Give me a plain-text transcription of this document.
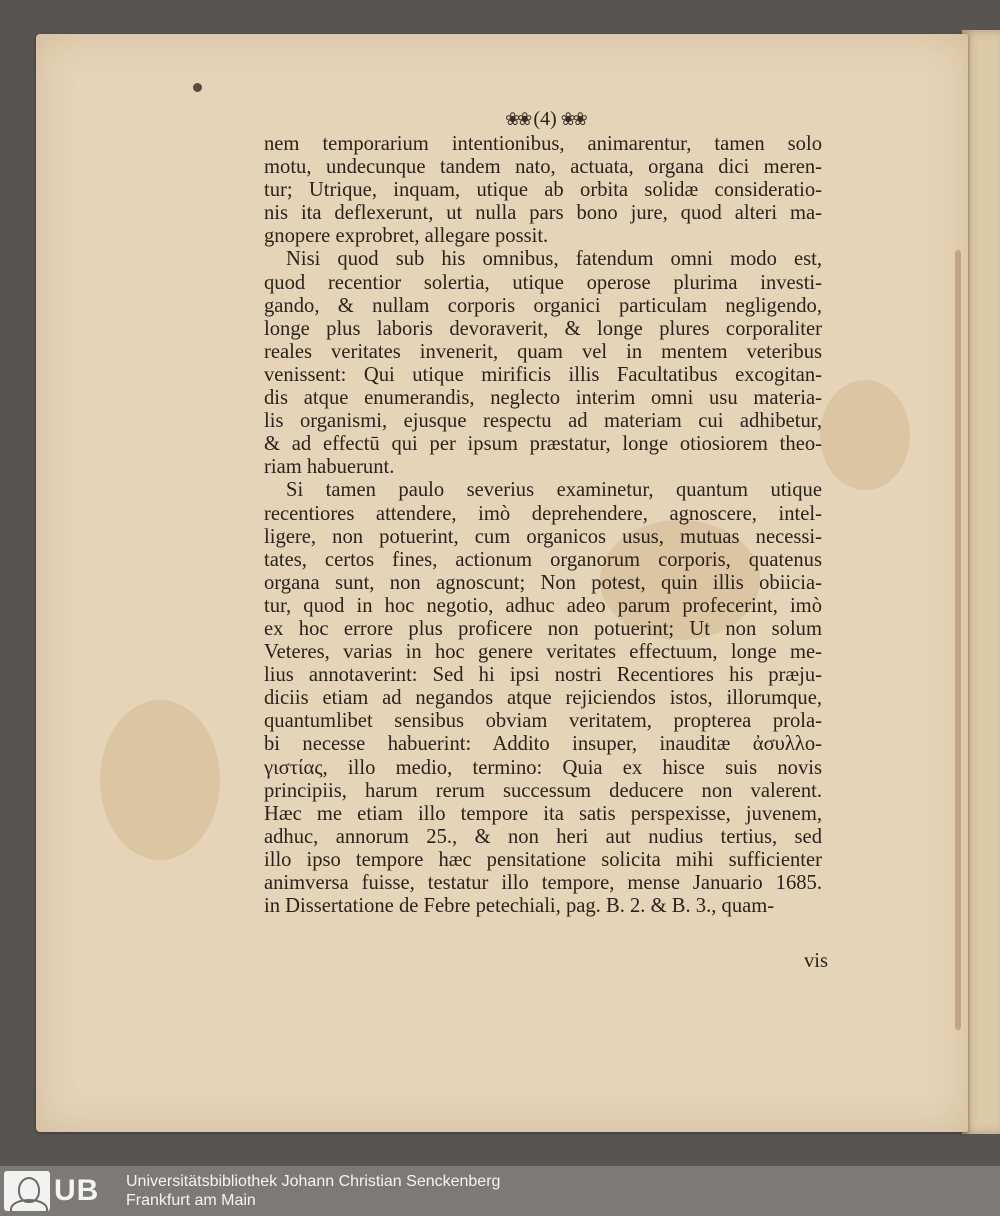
❀❀ (4) ❀❀
nem temporarium intentionibus, animarentur, tamen solo
motu, undecunque tandem nato, actuata, organa dici meren-
tur; Utrique, inquam, utique ab orbita solidæ consideratio-
nis ita deflexerunt, ut nulla pars bono jure, quod alteri ma-
gnopere exprobret, allegare possit.
Nisi quod sub his omnibus, fatendum omni modo est,
quod recentior solertia, utique operose plurima investi-
gando, & nullam corporis organici particulam negligendo,
longe plus laboris devoraverit, & longe plures corporaliter
reales veritates invenerit, quam vel in mentem veteribus
venissent: Qui utique mirificis illis Facultatibus excogitan-
dis atque enumerandis, neglecto interim omni usu materia-
lis organismi, ejusque respectu ad materiam cui adhibetur,
& ad effectū qui per ipsum præstatur, longe otiosiorem theo-
riam habuerunt.
Si tamen paulo severius examinetur, quantum utique
recentiores attendere, imò deprehendere, agnoscere, intel-
ligere, non potuerint, cum organicos usus, mutuas necessi-
tates, certos fines, actionum organorum corporis, quatenus
organa sunt, non agnoscunt; Non potest, quin illis obiicia-
tur, quod in hoc negotio, adhuc adeo parum profecerint, imò
ex hoc errore plus proficere non potuerint; Ut non solum
Veteres, varias in hoc genere veritates effectuum, longe me-
lius annotaverint: Sed hi ipsi nostri Recentiores his præju-
diciis etiam ad negandos atque rejiciendos istos, illorumque,
quantumlibet sensibus obviam veritatem, propterea prola-
bi necesse habuerint: Addito insuper, inauditæ ἀσυλλο-
γιστίας, illo medio, termino: Quia ex hisce suis novis
principiis, harum rerum successum deducere non valerent.
Hæc me etiam illo tempore ita satis perspexisse, juvenem,
adhuc, annorum 25., & non heri aut nudius tertius, sed
illo ipso tempore hæc pensitatione solicita mihi sufficienter
animversa fuisse, testatur illo tempore, mense Januario 1685.
in Dissertatione de Febre petechiali, pag. B. 2. & B. 3., quam-
vis
UB Universitätsbibliothek Johann Christian Senckenberg
Frankfurt am Main
